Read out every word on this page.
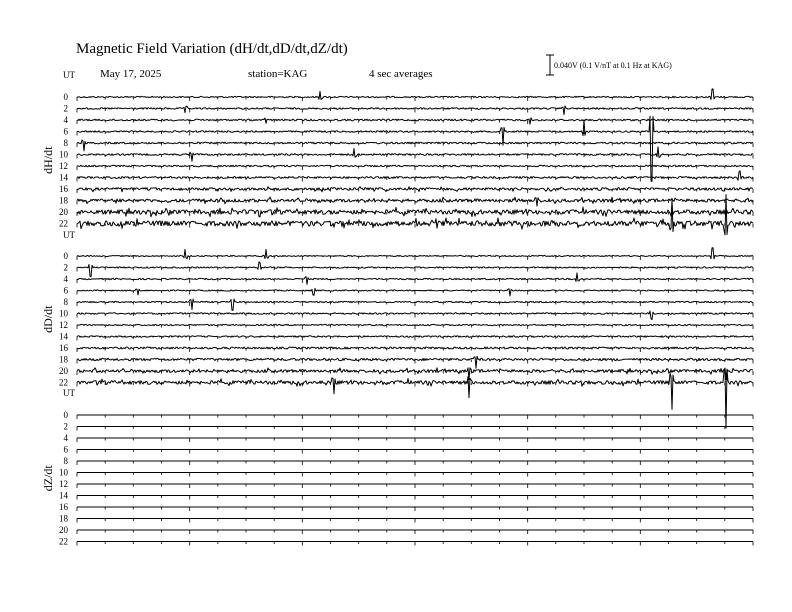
Magnetic Field Variation (dH/dt,dD/dt,dZ/dt)
May 17, 2025	station=KAG	4 sec averages
0.040V (0.1 V/nT at 0.1 Hz at KAG)
UT
dH/dt
0
2
4
6
8
10
12
14
16
18
20
22
UT
dD/dt
0
2
4
6
8
10
12
14
16
18
20
22
UT
dZ/dt
0
2
4
6
8
10
12
14
16
18
20
22
